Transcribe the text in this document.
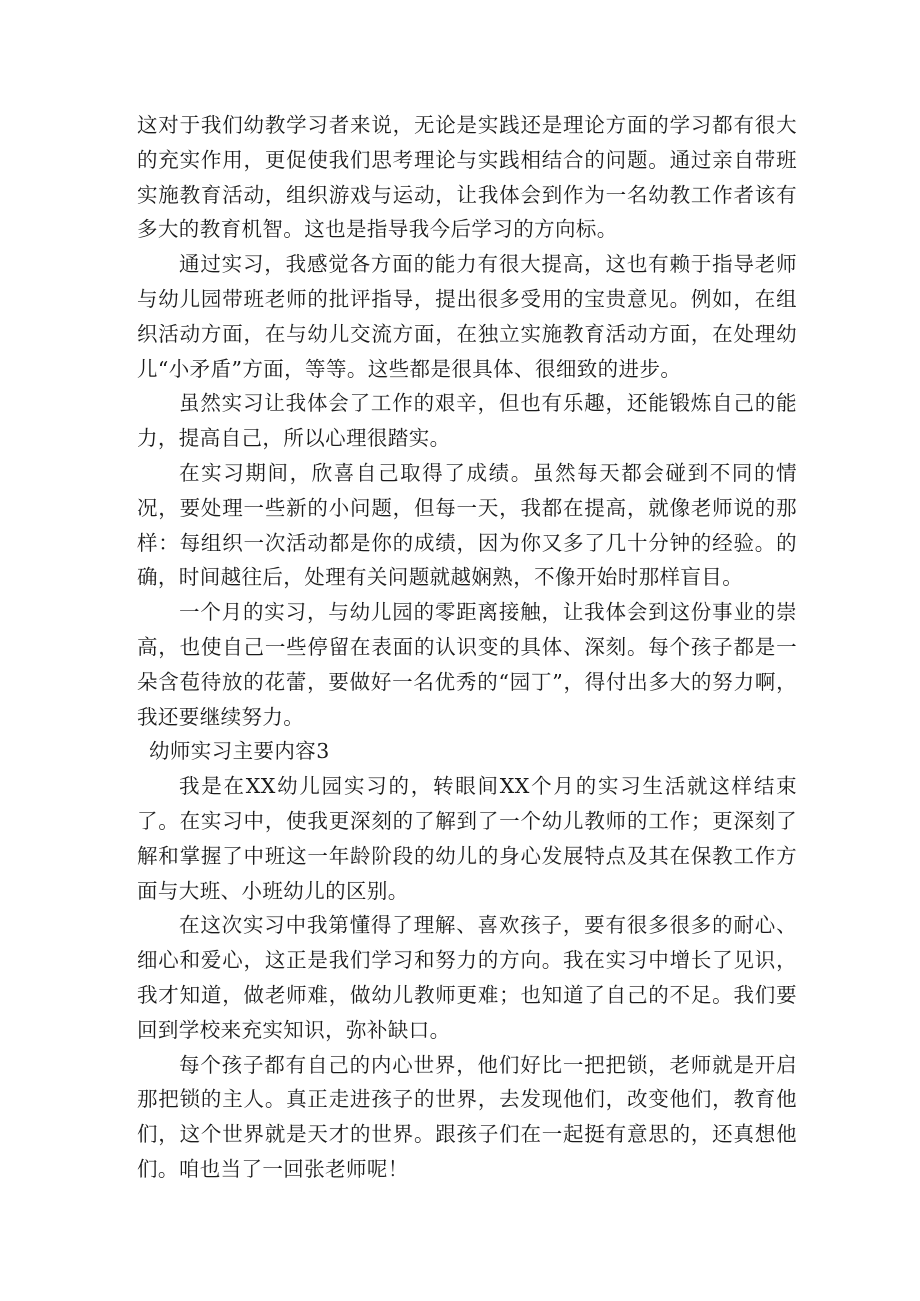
这对于我们幼教学习者来说，无论是实践还是理论方面的学习都有很大的充实作用，更促使我们思考理论与实践相结合的问题。通过亲自带班实施教育活动，组织游戏与运动，让我体会到作为一名幼教工作者该有多大的教育机智。这也是指导我今后学习的方向标。

通过实习，我感觉各方面的能力有很大提高，这也有赖于指导老师与幼儿园带班老师的批评指导，提出很多受用的宝贵意见。例如，在组织活动方面，在与幼儿交流方面，在独立实施教育活动方面，在处理幼儿“小矛盾”方面，等等。这些都是很具体、很细致的进步。

虽然实习让我体会了工作的艰辛，但也有乐趣，还能锻炼自己的能力，提高自己，所以心理很踏实。

在实习期间，欣喜自己取得了成绩。虽然每天都会碰到不同的情况，要处理一些新的小问题，但每一天，我都在提高，就像老师说的那样：每组织一次活动都是你的成绩，因为你又多了几十分钟的经验。的确，时间越往后，处理有关问题就越娴熟，不像开始时那样盲目。

一个月的实习，与幼儿园的零距离接触，让我体会到这份事业的崇高，也使自己一些停留在表面的认识变的具体、深刻。每个孩子都是一朵含苞待放的花蕾，要做好一名优秀的“园丁”，得付出多大的努力啊，我还要继续努力。

幼师实习主要内容3

我是在XX幼儿园实习的，转眼间XX个月的实习生活就这样结束了。在实习中，使我更深刻的了解到了一个幼儿教师的工作；更深刻了解和掌握了中班这一年龄阶段的幼儿的身心发展特点及其在保教工作方面与大班、小班幼儿的区别。

在这次实习中我第懂得了理解、喜欢孩子，要有很多很多的耐心、细心和爱心，这正是我们学习和努力的方向。我在实习中增长了见识，我才知道，做老师难，做幼儿教师更难；也知道了自己的不足。我们要回到学校来充实知识，弥补缺口。

每个孩子都有自己的内心世界，他们好比一把把锁，老师就是开启那把锁的主人。真正走进孩子的世界，去发现他们，改变他们，教育他们，这个世界就是天才的世界。跟孩子们在一起挺有意思的，还真想他们。咱也当了一回张老师呢！
